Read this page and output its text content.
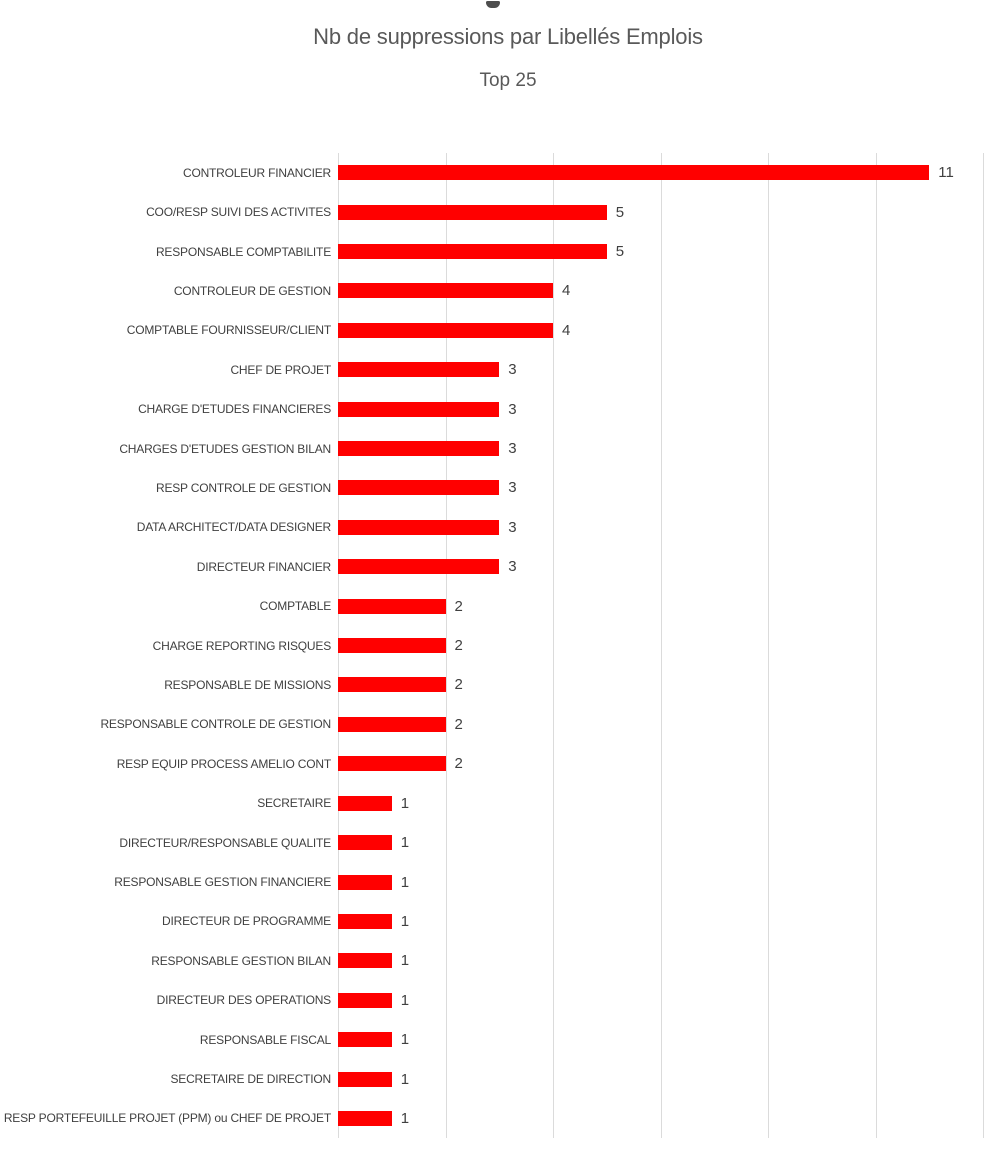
Nb de suppressions par Libellés Emplois
Top 25
CONTROLEUR FINANCIER	11
COO/RESP SUIVI DES ACTIVITES	5
RESPONSABLE COMPTABILITE	5
CONTROLEUR DE GESTION	4
COMPTABLE FOURNISSEUR/CLIENT	4
CHEF DE PROJET	3
CHARGE D'ETUDES FINANCIERES	3
CHARGES D'ETUDES GESTION BILAN	3
RESP CONTROLE DE GESTION	3
DATA ARCHITECT/DATA DESIGNER	3
DIRECTEUR FINANCIER	3
COMPTABLE	2
CHARGE REPORTING RISQUES	2
RESPONSABLE DE MISSIONS	2
RESPONSABLE CONTROLE DE GESTION	2
RESP EQUIP PROCESS AMELIO CONT	2
SECRETAIRE	1
DIRECTEUR/RESPONSABLE QUALITE	1
RESPONSABLE GESTION FINANCIERE	1
DIRECTEUR DE PROGRAMME	1
RESPONSABLE GESTION BILAN	1
DIRECTEUR DES OPERATIONS	1
RESPONSABLE FISCAL	1
SECRETAIRE DE DIRECTION	1
RESP PORTEFEUILLE PROJET (PPM) ou CHEF DE PROJET	1
